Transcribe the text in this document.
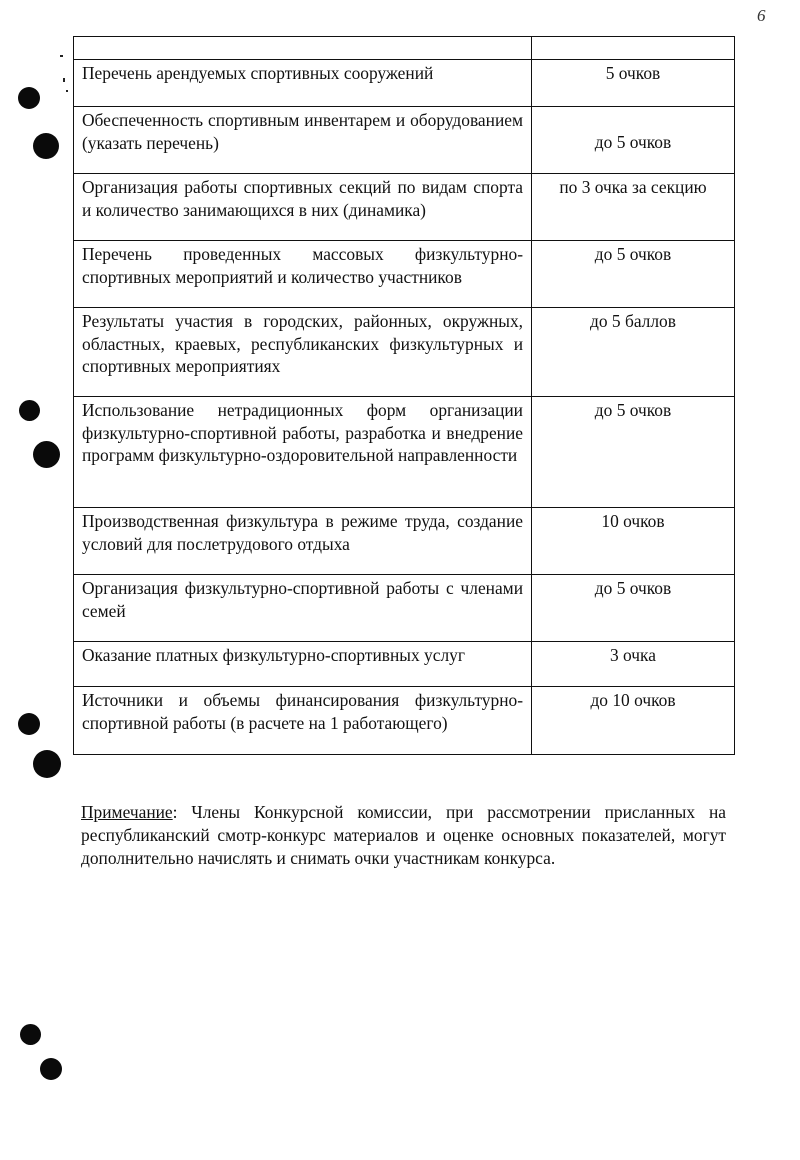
6

Перечень арендуемых спортивных сооружений	5 очков
Обеспеченность спортивным инвентарем и оборудованием (указать перечень)	до 5 очков
Организация работы спортивных секций по видам спорта и количество занимающихся в них (динамика)	по 3 очка за секцию
Перечень проведенных массовых физкультурно-спортивных мероприятий и количество участников	до 5 очков
Результаты участия в городских, районных, окружных, областных, краевых, республиканских физкультурных и спортивных мероприятиях	до 5 баллов
Использование нетрадиционных форм организации физкультурно-спортивной работы, разработка и внедрение программ физкультурно-оздоровительной направленности	до 5 очков
Производственная физкультура в режиме труда, создание условий для послетрудового отдыха	10 очков
Организация физкультурно-спортивной работы с членами семей	до 5 очков
Оказание платных физкультурно-спортивных услуг	3 очка
Источники и объемы финансирования физкультурно-спортивной работы (в расчете на 1 работающего)	до 10 очков
Примечание: Члены Конкурсной комиссии, при рассмотрении присланных на республиканский смотр-конкурс материалов и оценке основных показателей, могут дополнительно начислять и снимать очки участникам конкурса.
